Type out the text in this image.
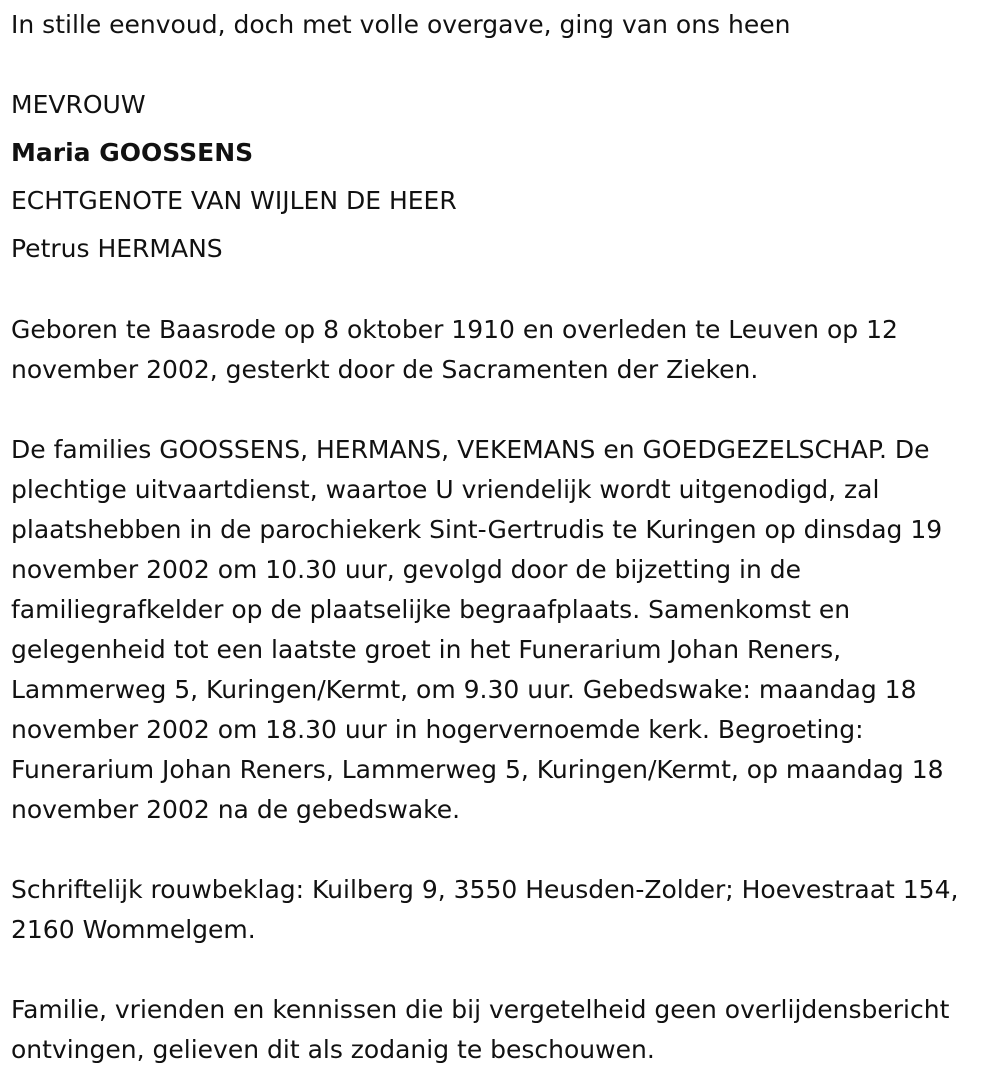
In stille eenvoud, doch met volle overgave, ging van ons heen
MEVROUW
Maria GOOSSENS
ECHTGENOTE VAN WIJLEN DE HEER
Petrus HERMANS
Geboren te Baasrode op 8 oktober 1910 en overleden te Leuven op 12 november 2002, gesterkt door de Sacramenten der Zieken.
De families GOOSSENS, HERMANS, VEKEMANS en GOEDGEZELSCHAP. De plechtige uitvaartdienst, waartoe U vriendelijk wordt uitgenodigd, zal plaatshebben in de parochiekerk Sint-Gertrudis te Kuringen op dinsdag 19 november 2002 om 10.30 uur, gevolgd door de bijzetting in de familiegrafkelder op de plaatselijke begraafplaats. Samenkomst en gelegenheid tot een laatste groet in het Funerarium Johan Reners, Lammerweg 5, Kuringen/Kermt, om 9.30 uur. Gebedswake: maandag 18 november 2002 om 18.30 uur in hogervernoemde kerk. Begroeting: Funerarium Johan Reners, Lammerweg 5, Kuringen/Kermt, op maandag 18 november 2002 na de gebedswake.
Schriftelijk rouwbeklag: Kuilberg 9, 3550 Heusden-Zolder; Hoevestraat 154, 2160 Wommelgem.
Familie, vrienden en kennissen die bij vergetelheid geen overlijdensbericht ontvingen, gelieven dit als zodanig te beschouwen.
